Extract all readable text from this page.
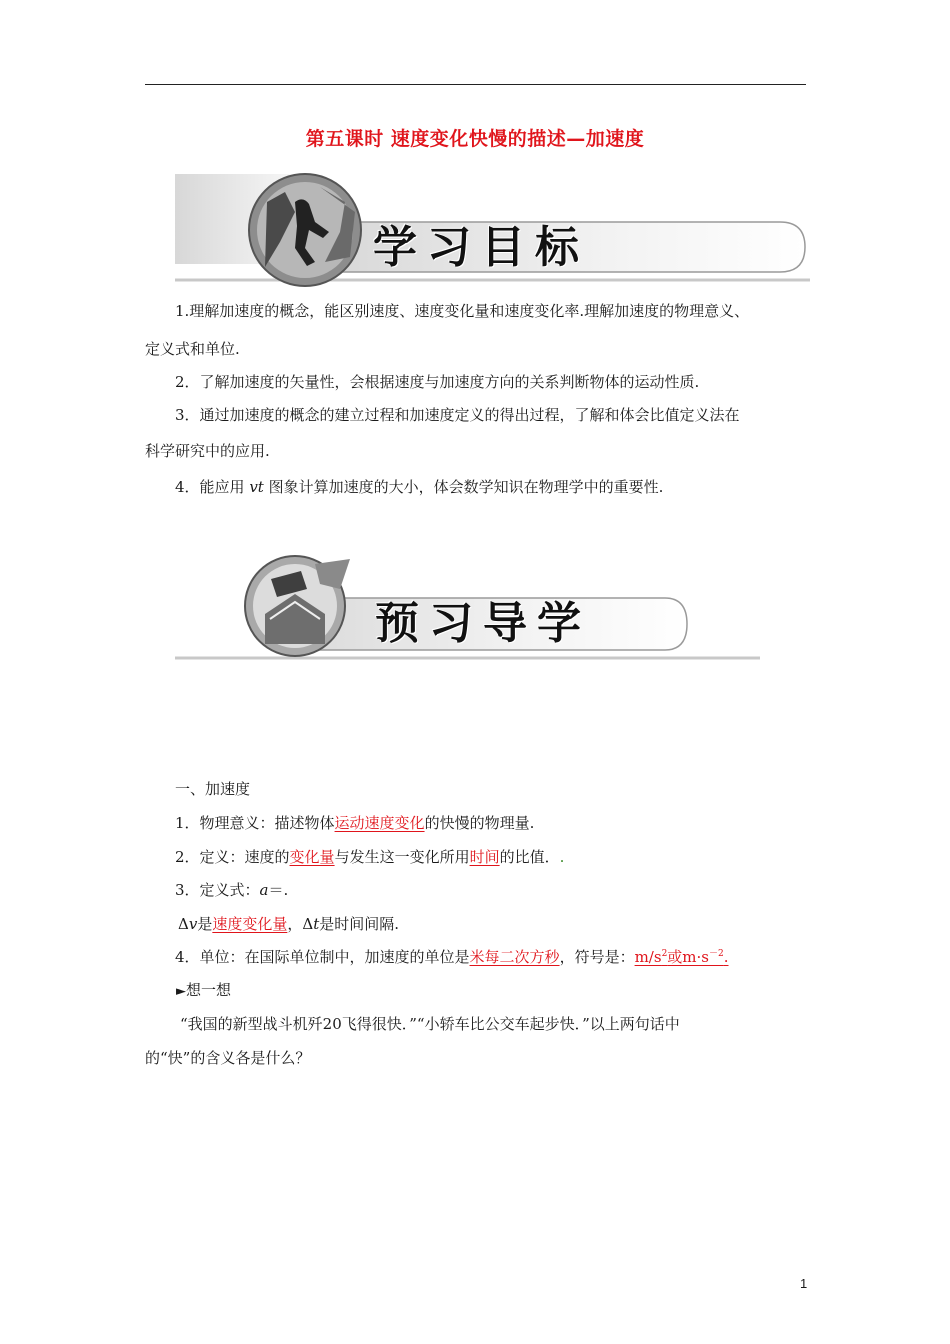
第五课时 速度变化快慢的描述—加速度
学习目标
1.理解加速度的概念，能区别速度、速度变化量和速度变化率.理解加速度的物理意义、
定义式和单位.
2．了解加速度的矢量性，会根据速度与加速度方向的关系判断物体的运动性质.
3．通过加速度的概念的建立过程和加速度定义的得出过程，了解和体会比值定义法在
科学研究中的应用.
4．能应用 vt 图象计算加速度的大小，体会数学知识在物理学中的重要性.
预习导学
一、加速度
1．物理意义：描述物体运动速度变化的快慢的物理量.
2．定义：速度的变化量与发生这一变化所用时间的比值．.
3．定义式：a＝.
Δv是速度变化量，Δt是时间间隔.
4．单位：在国际单位制中，加速度的单位是米每二次方秒，符号是：$m/s^2$或$m\cdot s^{-2}$.
►想一想
“我国的新型战斗机歼20飞得很快．”“小轿车比公交车起步快．”以上两句话中
的“快”的含义各是什么？
1
